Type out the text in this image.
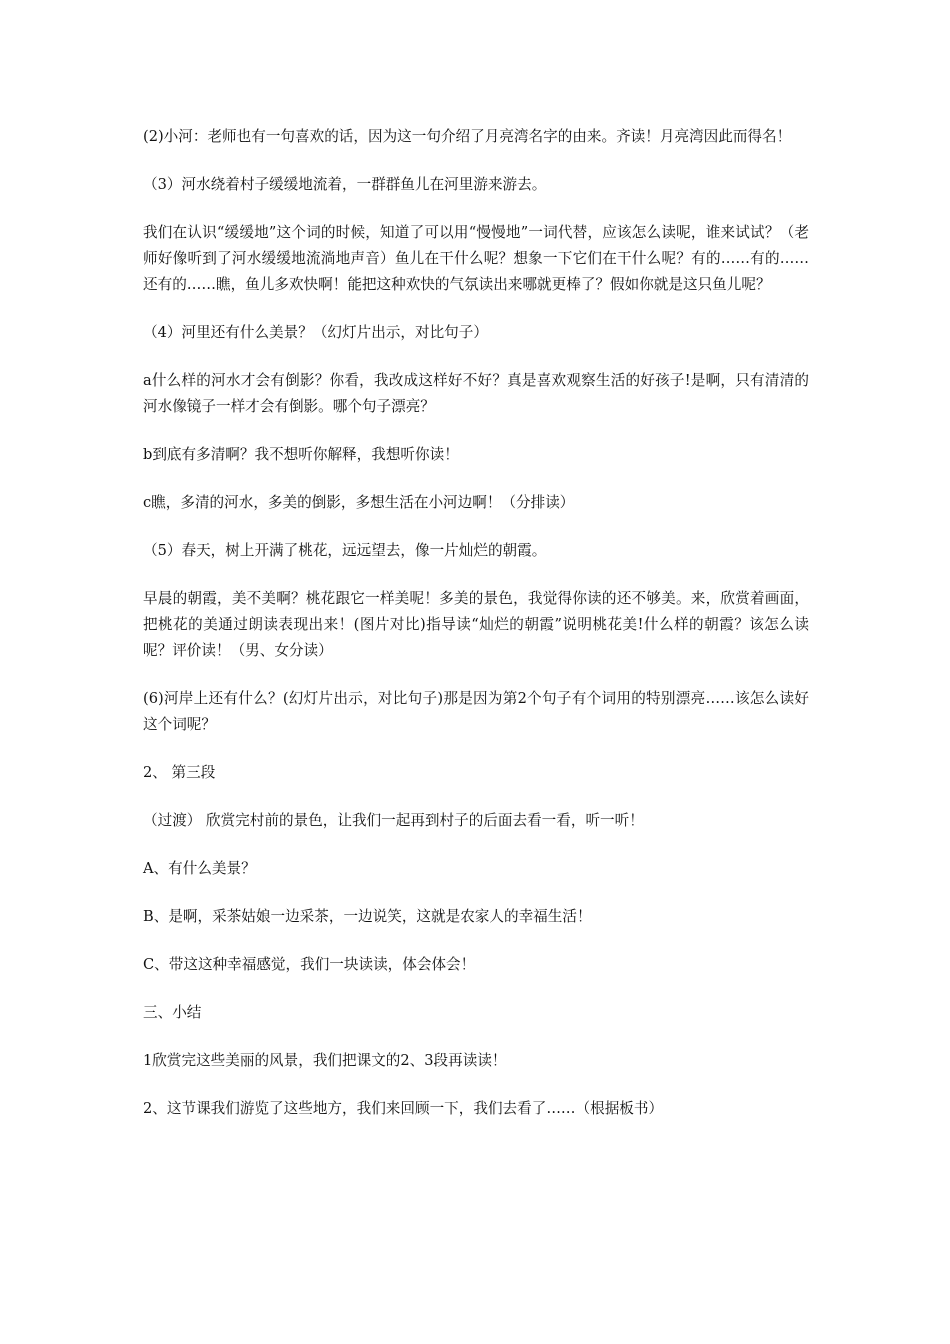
(2)小河：老师也有一句喜欢的话，因为这一句介绍了月亮湾名字的由来。齐读！月亮湾因此而得名！

（3）河水绕着村子缓缓地流着，一群群鱼儿在河里游来游去。

我们在认识“缓缓地”这个词的时候，知道了可以用“慢慢地”一词代替，应该怎么读呢，谁来试试？（老师好像听到了河水缓缓地流淌地声音）鱼儿在干什么呢？想象一下它们在干什么呢？有的……有的……还有的……瞧，鱼儿多欢快啊！能把这种欢快的气氛读出来哪就更棒了？假如你就是这只鱼儿呢？

（4）河里还有什么美景？（幻灯片出示，对比句子）

a什么样的河水才会有倒影？你看，我改成这样好不好？真是喜欢观察生活的好孩子!是啊，只有清清的河水像镜子一样才会有倒影。哪个句子漂亮？

b到底有多清啊？我不想听你解释，我想听你读！

c瞧，多清的河水，多美的倒影，多想生活在小河边啊！（分排读）

（5）春天，树上开满了桃花，远远望去，像一片灿烂的朝霞。

早晨的朝霞，美不美啊？桃花跟它一样美呢！多美的景色，我觉得你读的还不够美。来，欣赏着画面，把桃花的美通过朗读表现出来！(图片对比)指导读“灿烂的朝霞”说明桃花美!什么样的朝霞？该怎么读呢？评价读！（男、女分读）

(6)河岸上还有什么？(幻灯片出示，对比句子)那是因为第2个句子有个词用的特别漂亮……该怎么读好这个词呢？

2、 第三段

（过渡） 欣赏完村前的景色，让我们一起再到村子的后面去看一看，听一听！

A、有什么美景？

B、是啊，采茶姑娘一边采茶，一边说笑，这就是农家人的幸福生活！

C、带这这种幸福感觉，我们一块读读，体会体会！

三、小结

1欣赏完这些美丽的风景，我们把课文的2、3段再读读！

2、这节课我们游览了这些地方，我们来回顾一下，我们去看了……（根据板书）
